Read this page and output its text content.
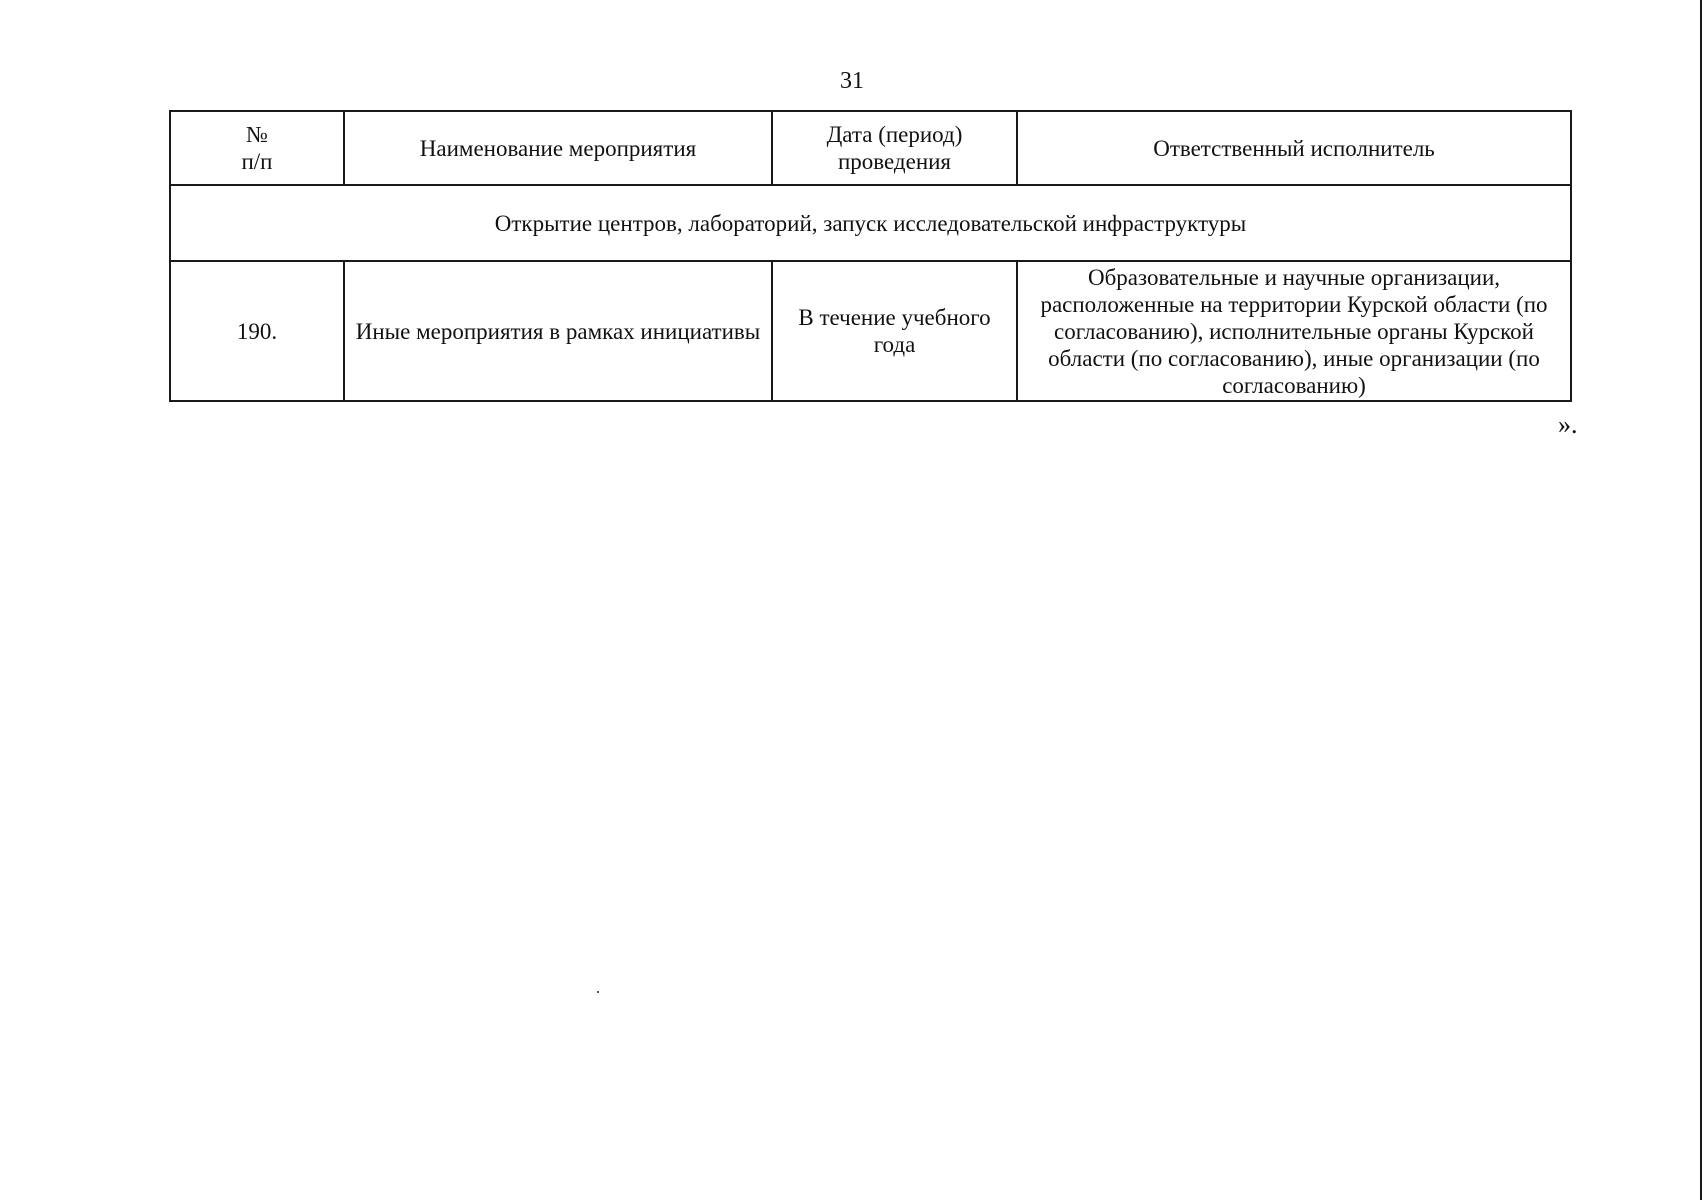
31
№
п/п	Наименование мероприятия	Дата (период) проведения	Ответственный исполнитель
Открытие центров, лабораторий, запуск исследовательской инфраструктуры			
190.	Иные мероприятия в рамках инициативы	В течение учебного года	Образовательные и научные организации, расположенные на территории Курской области (по согласованию), исполнительные органы Курской области (по согласованию), иные организации (по согласованию)
».
